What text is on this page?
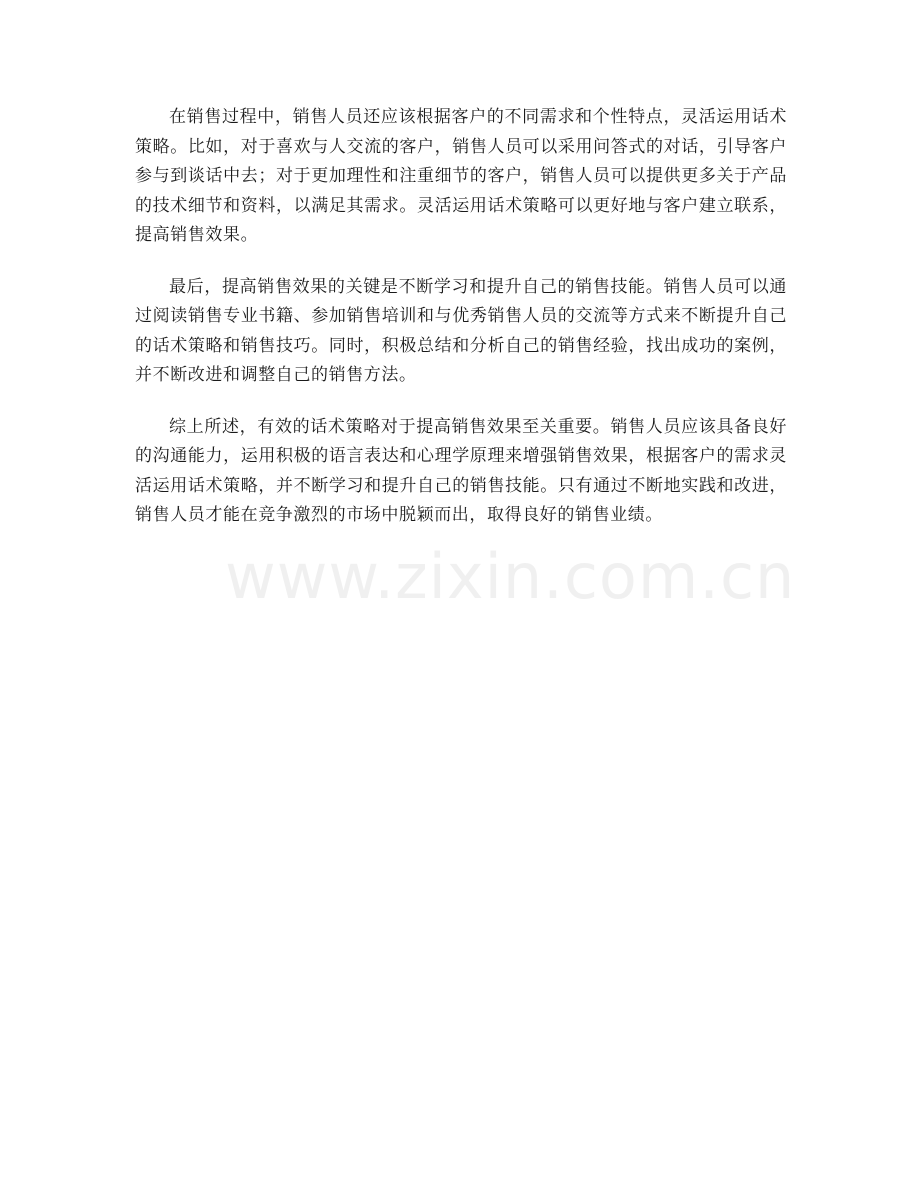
在销售过程中，销售人员还应该根据客户的不同需求和个性特点，灵活运用话术策略。比如，对于喜欢与人交流的客户，销售人员可以采用问答式的对话，引导客户参与到谈话中去；对于更加理性和注重细节的客户，销售人员可以提供更多关于产品的技术细节和资料，以满足其需求。灵活运用话术策略可以更好地与客户建立联系，提高销售效果。

最后，提高销售效果的关键是不断学习和提升自己的销售技能。销售人员可以通过阅读销售专业书籍、参加销售培训和与优秀销售人员的交流等方式来不断提升自己的话术策略和销售技巧。同时，积极总结和分析自己的销售经验，找出成功的案例，并不断改进和调整自己的销售方法。

综上所述，有效的话术策略对于提高销售效果至关重要。销售人员应该具备良好的沟通能力，运用积极的语言表达和心理学原理来增强销售效果，根据客户的需求灵活运用话术策略，并不断学习和提升自己的销售技能。只有通过不断地实践和改进，销售人员才能在竞争激烈的市场中脱颖而出，取得良好的销售业绩。

www.zixin.com.cn
